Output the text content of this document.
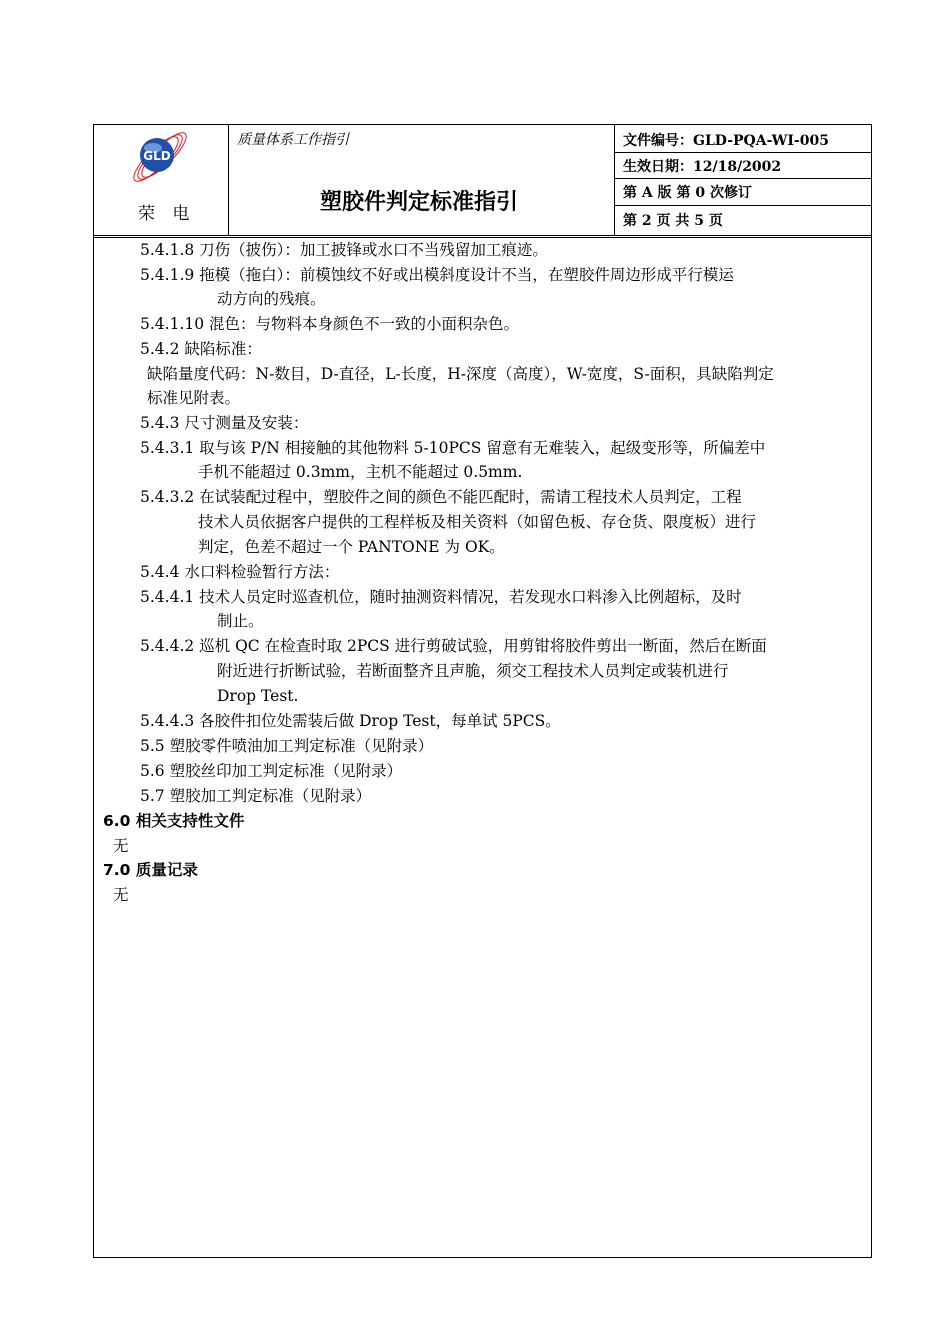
GLD
荣 电
质量体系工作指引
塑胶件判定标准指引
文件编号：GLD-PQA-WI-005
生效日期：12/18/2002
第 A 版 第 0 次修订
第 2 页 共 5 页
5.4.1.8 刀伤（披伤）：加工披锋或水口不当残留加工痕迹。
5.4.1.9 拖模（拖白）：前模蚀纹不好或出模斜度设计不当，在塑胶件周边形成平行模运
动方向的残痕。
5.4.1.10 混色：与物料本身颜色不一致的小面积杂色。
5.4.2 缺陷标准：
缺陷量度代码：N-数目，D-直径，L-长度，H-深度（高度），W-宽度，S-面积，具缺陷判定
标准见附表。
5.4.3 尺寸测量及安装：
5.4.3.1 取与该 P/N 相接触的其他物料 5-10PCS 留意有无难装入，起级变形等，所偏差中
手机不能超过 0.3mm，主机不能超过 0.5mm.
5.4.3.2 在试装配过程中，塑胶件之间的颜色不能匹配时，需请工程技术人员判定，工程
技术人员依据客户提供的工程样板及相关资料（如留色板、存仓货、限度板）进行
判定，色差不超过一个 PANTONE 为 OK。
5.4.4 水口料检验暂行方法：
5.4.4.1 技术人员定时巡查机位，随时抽测资料情况，若发现水口料渗入比例超标，及时
制止。
5.4.4.2 巡机 QC 在检查时取 2PCS 进行剪破试验，用剪钳将胶件剪出一断面，然后在断面
附近进行折断试验，若断面整齐且声脆，须交工程技术人员判定或装机进行
Drop Test.
5.4.4.3 各胶件扣位处需装后做 Drop Test，每单试 5PCS。
5.5 塑胶零件喷油加工判定标准（见附录）
5.6 塑胶丝印加工判定标准（见附录）
5.7 塑胶加工判定标准（见附录）
6.0 相关支持性文件
无
7.0 质量记录
无
